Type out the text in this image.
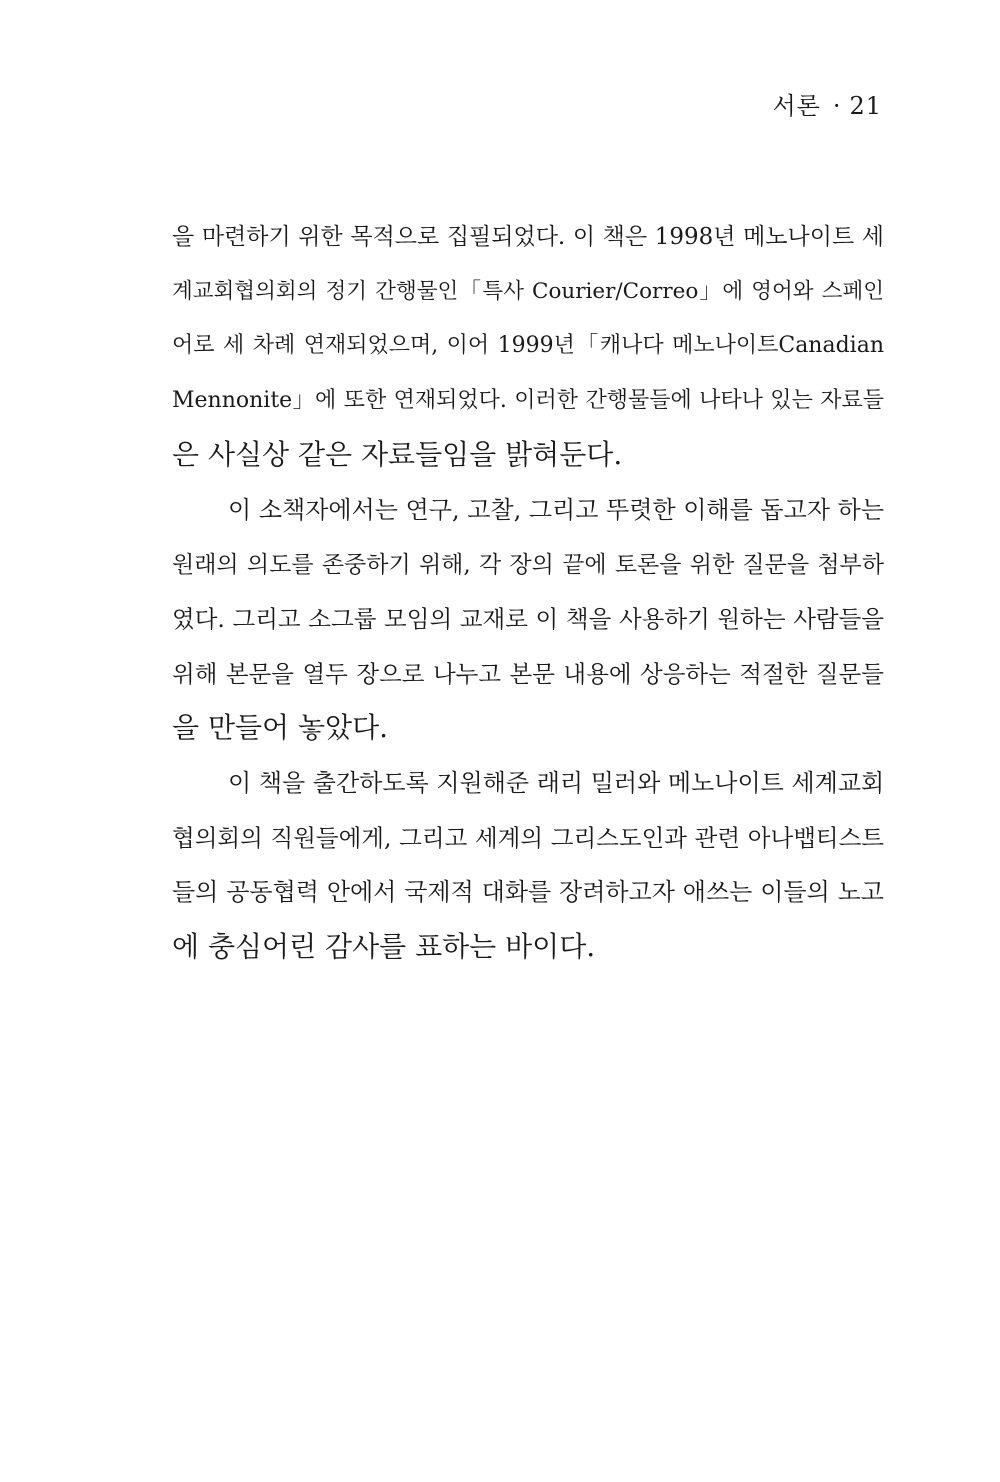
서론 · 21
을 마련하기 위한 목적으로 집필되었다. 이 책은 1998년 메노나이트 세
계교회협의회의 정기 간행물인「특사 Courier/Correo」에 영어와 스페인
어로 세 차례 연재되었으며, 이어 1999년「캐나다 메노나이트Canadian
Mennonite」에 또한 연재되었다. 이러한 간행물들에 나타나 있는 자료들
은 사실상 같은 자료들임을 밝혀둔다.
이 소책자에서는 연구, 고찰, 그리고 뚜렷한 이해를 돕고자 하는
원래의 의도를 존중하기 위해, 각 장의 끝에 토론을 위한 질문을 첨부하
였다. 그리고 소그룹 모임의 교재로 이 책을 사용하기 원하는 사람들을
위해 본문을 열두 장으로 나누고 본문 내용에 상응하는 적절한 질문들
을 만들어 놓았다.
이 책을 출간하도록 지원해준 래리 밀러와 메노나이트 세계교회
협의회의 직원들에게, 그리고 세계의 그리스도인과 관련 아나뱁티스트
들의 공동협력 안에서 국제적 대화를 장려하고자 애쓰는 이들의 노고
에 충심어린 감사를 표하는 바이다.
